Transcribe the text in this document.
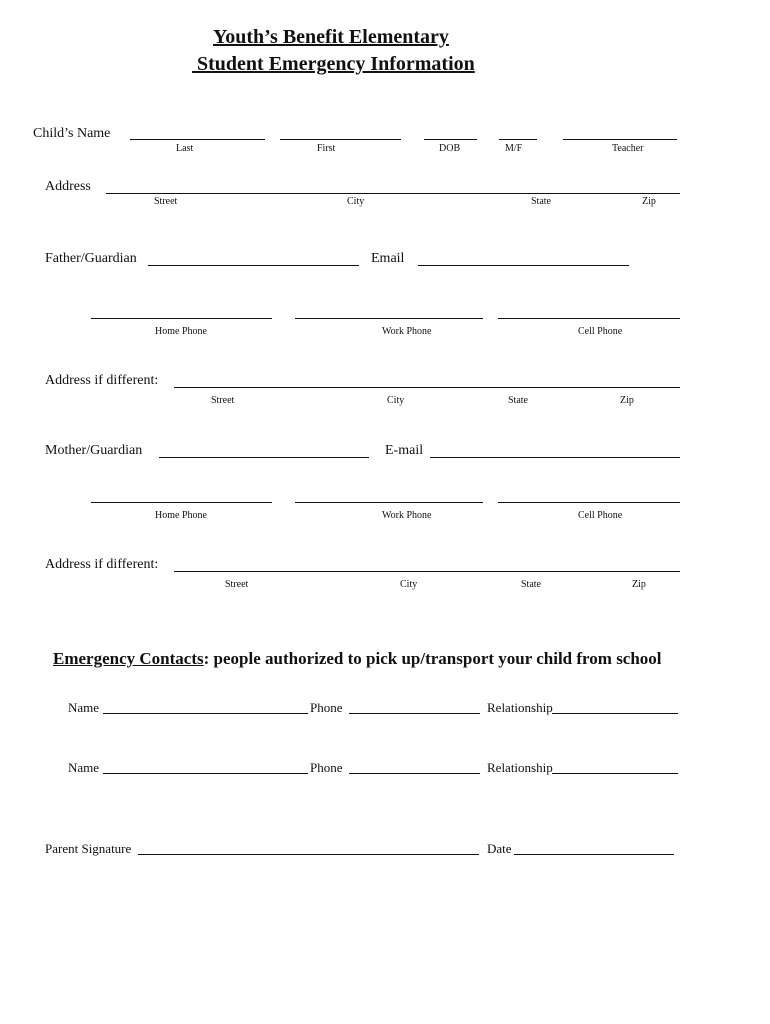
Youth’s Benefit Elementary
Student Emergency Information
Child’s Name
Last	First	DOB	M/F	Teacher
Address
Street	City	State	Zip
Father/Guardian	Email
Home Phone	Work Phone	Cell Phone
Address if different:
Street	City	State	Zip
Mother/Guardian	E-mail
Home Phone	Work Phone	Cell Phone
Address if different:
Street	City	State	Zip
Emergency Contacts: people authorized to pick up/transport your child from school
Name	Phone	Relationship
Name	Phone	Relationship
Parent Signature	Date
